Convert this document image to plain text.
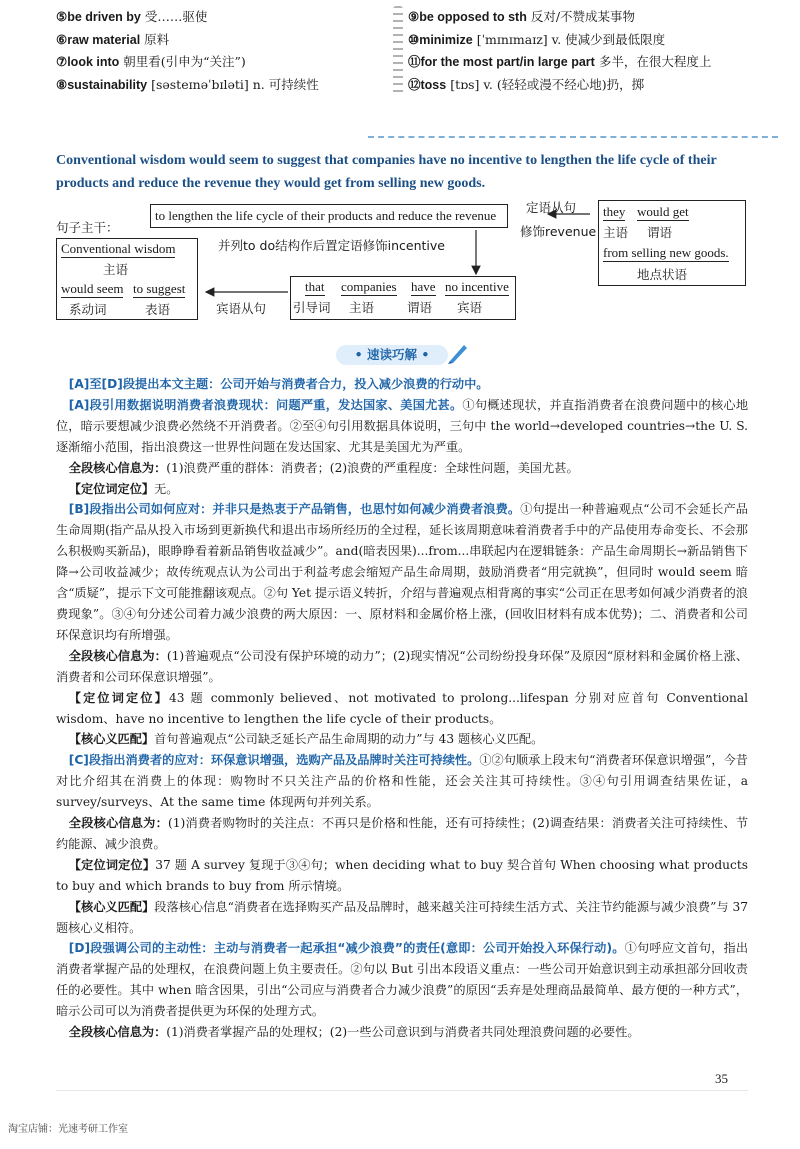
⑤be driven by 受……驱使
⑥raw material 原料
⑦look into 朝里看(引申为“关注”)
⑧sustainability [səsteɪnəˈbɪləti] n. 可持续性
⑨be opposed to sth 反对/不赞成某事物
⑩minimize [ˈmɪnɪmaɪz] v. 使减少到最低限度
⑪for the most part/in large part 多半，在很大程度上
⑫toss [tɒs] v. (轻轻或漫不经心地)扔，掷
Conventional wisdom would seem to suggest that companies have no incentive to lengthen the life cycle of their products and reduce the revenue they would get from selling new goods.
句子主干：
to lengthen the life cycle of their products and reduce the revenue
定语从句
修饰revenue
they would get
主语 谓语
from selling new goods.
地点状语
并列to do结构作后置定语修饰incentive
Conventional wisdom
主语
would seem to suggest
系动词	表语	宾语从句
that companies have no incentive
引导词 主语	谓语 宾语
• 速读巧解 •

[A]至[D]段提出本文主题：公司开始与消费者合力，投入减少浪费的行动中。

[A]段引用数据说明消费者浪费现状：问题严重，发达国家、美国尤甚。①句概述现状，并直指消费者在浪费问题中的核心地位，暗示要想减少浪费必然绕不开消费者。②至④句引用数据具体说明，三句中 the world→developed countries→the U. S. 逐渐缩小范围，指出浪费这一世界性问题在发达国家、尤其是美国尤为严重。

全段核心信息为：(1)浪费严重的群体：消费者；(2)浪费的严重程度：全球性问题，美国尤甚。

【定位词定位】无。

[B]段指出公司如何应对：并非只是热衷于产品销售，也思忖如何减少消费者浪费。①句提出一种普遍观点“公司不会延长产品生命周期(指产品从投入市场到更新换代和退出市场所经历的全过程，延长该周期意味着消费者手中的产品使用寿命变长、不会那么积极购买新品)，眼睁睁看着新品销售收益减少”。and(暗表因果)...from...串联起内在逻辑链条：产品生命周期长→新品销售下降→公司收益减少；故传统观点认为公司出于利益考虑会缩短产品生命周期，鼓励消费者“用完就换”，但同时 would seem 暗含“质疑”，提示下文可能推翻该观点。②句 Yet 提示语义转折，介绍与普遍观点相背离的事实“公司正在思考如何减少消费者的浪费现象”。③④句分述公司着力减少浪费的两大原因：一、原材料和金属价格上涨，(回收旧材料有成本优势)；二、消费者和公司环保意识均有所增强。

全段核心信息为：(1)普遍观点“公司没有保护环境的动力”；(2)现实情况“公司纷纷投身环保”及原因“原材料和金属价格上涨、消费者和公司环保意识增强”。

【定位词定位】43 题 commonly believed、not motivated to prolong...lifespan 分别对应首句 Conventional wisdom、have no incentive to lengthen the life cycle of their products。

【核心义匹配】首句普遍观点“公司缺乏延长产品生命周期的动力”与 43 题核心义匹配。

[C]段指出消费者的应对：环保意识增强，选购产品及品牌时关注可持续性。①②句顺承上段末句“消费者环保意识增强”，今昔对比介绍其在消费上的体现：购物时不只关注产品的价格和性能，还会关注其可持续性。③④句引用调查结果佐证，a survey/surveys、At the same time 体现两句并列关系。

全段核心信息为：(1)消费者购物时的关注点：不再只是价格和性能，还有可持续性；(2)调查结果：消费者关注可持续性、节约能源、减少浪费。

【定位词定位】37 题 A survey 复现于③④句；when deciding what to buy 契合首句 When choosing what products to buy and which brands to buy from 所示情境。

【核心义匹配】段落核心信息“消费者在选择购买产品及品牌时，越来越关注可持续生活方式、关注节约能源与减少浪费”与 37 题核心义相符。

[D]段强调公司的主动性：主动与消费者一起承担“减少浪费”的责任(意即：公司开始投入环保行动)。①句呼应文首句，指出消费者掌握产品的处理权，在浪费问题上负主要责任。②句以 But 引出本段语义重点：一些公司开始意识到主动承担部分回收责任的必要性。其中 when 暗含因果，引出“公司应与消费者合力减少浪费”的原因“丢弃是处理商品最简单、最方便的一种方式”，暗示公司可以为消费者提供更为环保的处理方式。

全段核心信息为：(1)消费者掌握产品的处理权；(2)一些公司意识到与消费者共同处理浪费问题的必要性。

35
淘宝店铺：光速考研工作室
